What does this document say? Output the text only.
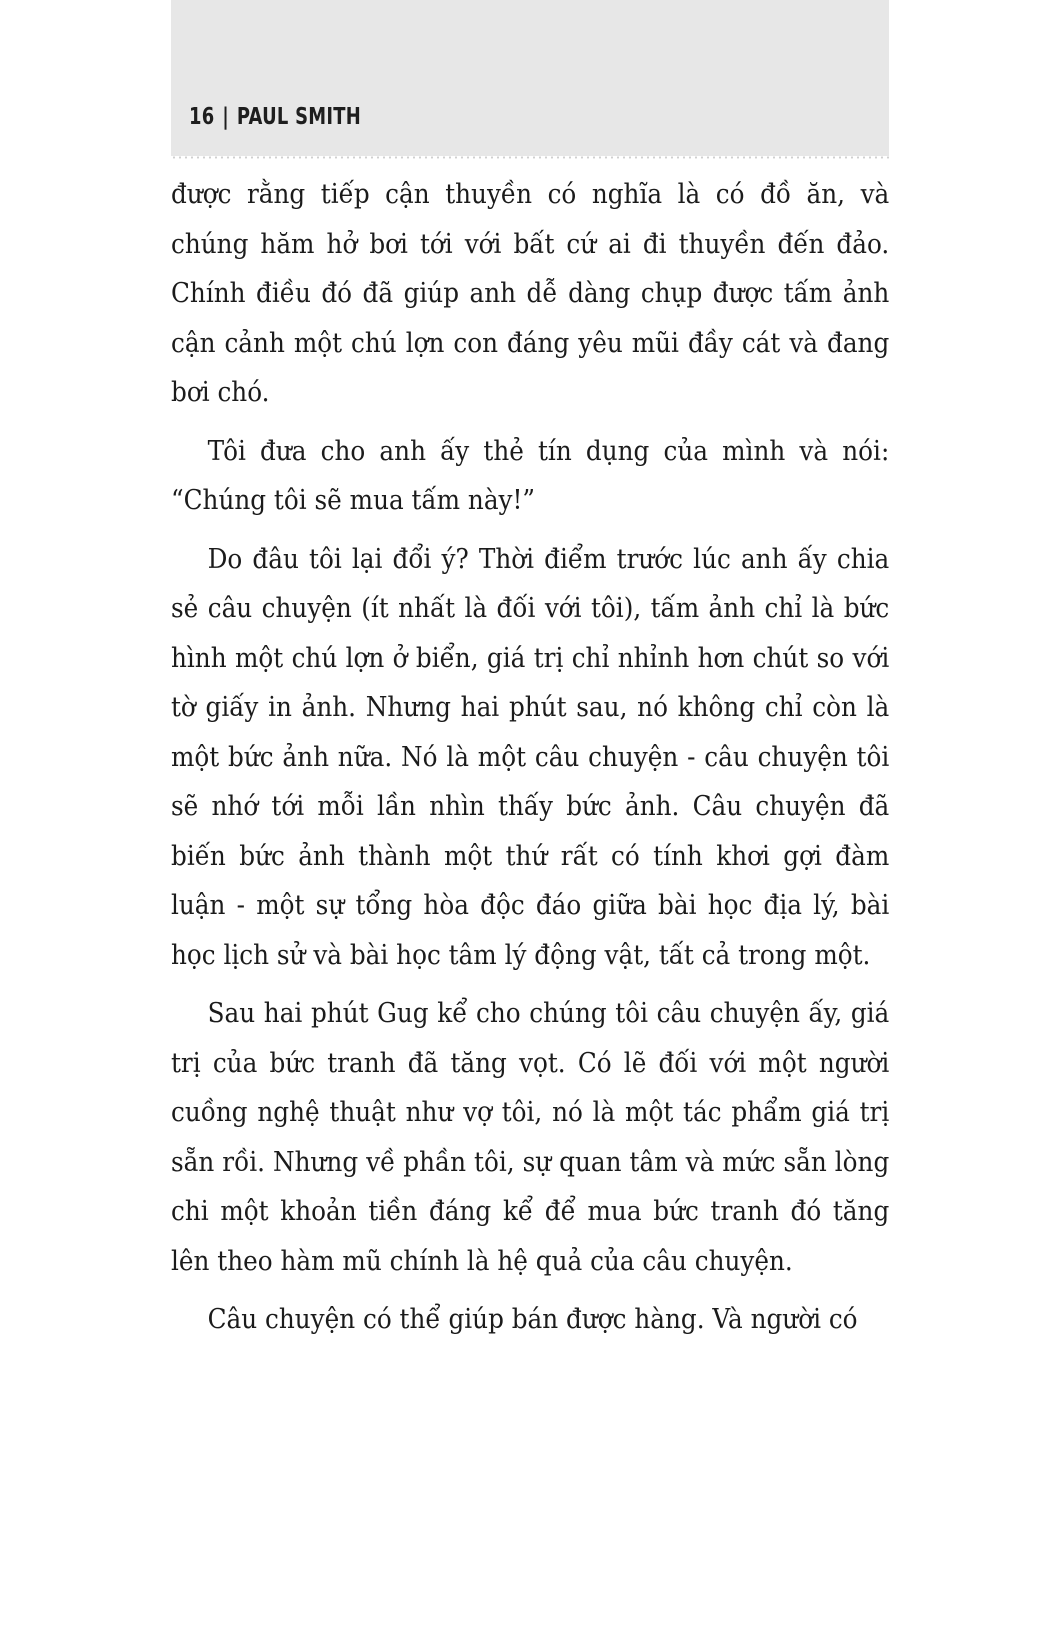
16 | PAUL SMITH

được rằng tiếp cận thuyền có nghĩa là có đồ ăn, và chúng hăm hở bơi tới với bất cứ ai đi thuyền đến đảo. Chính điều đó đã giúp anh dễ dàng chụp được tấm ảnh cận cảnh một chú lợn con đáng yêu mũi đầy cát và đang bơi chó.

Tôi đưa cho anh ấy thẻ tín dụng của mình và nói: “Chúng tôi sẽ mua tấm này!”

Do đâu tôi lại đổi ý? Thời điểm trước lúc anh ấy chia sẻ câu chuyện (ít nhất là đối với tôi), tấm ảnh chỉ là bức hình một chú lợn ở biển, giá trị chỉ nhỉnh hơn chút so với tờ giấy in ảnh. Nhưng hai phút sau, nó không chỉ còn là một bức ảnh nữa. Nó là một câu chuyện - câu chuyện tôi sẽ nhớ tới mỗi lần nhìn thấy bức ảnh. Câu chuyện đã biến bức ảnh thành một thứ rất có tính khơi gợi đàm luận - một sự tổng hòa độc đáo giữa bài học địa lý, bài học lịch sử và bài học tâm lý động vật, tất cả trong một.

Sau hai phút Gug kể cho chúng tôi câu chuyện ấy, giá trị của bức tranh đã tăng vọt. Có lẽ đối với một người cuồng nghệ thuật như vợ tôi, nó là một tác phẩm giá trị sẵn rồi. Nhưng về phần tôi, sự quan tâm và mức sẵn lòng chi một khoản tiền đáng kể để mua bức tranh đó tăng lên theo hàm mũ chính là hệ quả của câu chuyện.

Câu chuyện có thể giúp bán được hàng. Và người có
